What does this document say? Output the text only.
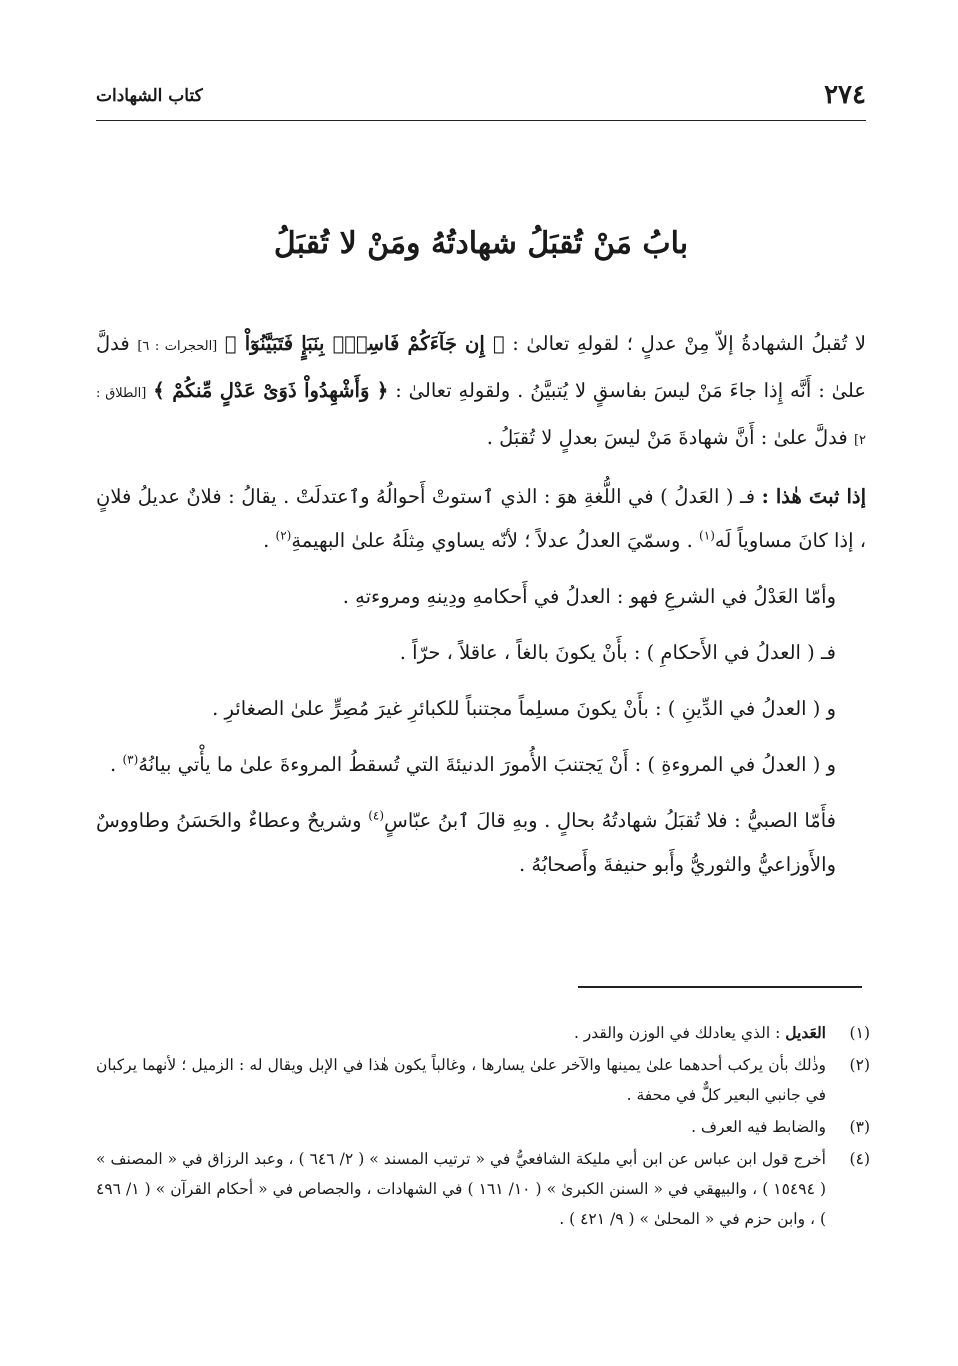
٢٧٤
كتاب الشهادات
بابُ مَنْ تُقبَلُ شهادتُهُ ومَنْ لا تُقبَلُ

لا تُقبلُ الشهادةُ إلاّ مِنْ عدلٍ ؛ لقولهِ تعالىٰ : ﴿ إِن جَآءَكُمْ فَاسِقٌۢ بِنَبَإٍ فَتَبَيَّنُوٓاْ ﴾ [الحجرات : ٦] فدلَّ علىٰ : أَنَّه إِذا جاءَ مَنْ ليسَ بفاسقٍ لا يُتبيَّنُ . ولقولهِ تعالىٰ : ﴿ وَأَشْهِدُواْ ذَوَىْ عَدْلٍ مِّنكُمْ ﴾ [الطلاق : ٢] فدلَّ علىٰ : أَنَّ شهادةَ مَنْ ليسَ بعدلٍ لا تُقبَلُ .

إذا ثبتَ هٰذا : فـ ( العَدلُ ) في اللُّغةِ هوَ : الذي ٱستوتْ أَحوالُهُ وٱعتدلَتْ . يقالُ : فلانٌ عديلُ فلانٍ ، إذا كانَ مساوياً لَه$^{(١)}$ . وسمّيَ العدلُ عدلاً ؛ لأنّه يساوي مِثلَهُ علىٰ البهيمةِ$^{(٢)}$ .

وأمّا العَدْلُ في الشرعِ فهو : العدلُ في أَحكامهِ ودِينهِ ومروءتهِ .

فـ ( العدلُ في الأَحكامِ ) : بأَنْ يكونَ بالغاً ، عاقلاً ، حرّاً .

و ( العدلُ في الدِّينِ ) : بأَنْ يكونَ مسلِماً مجتنباً للكبائرِ غيرَ مُصِرٍّ علىٰ الصغائرِ .

و ( العدلُ في المروءةِ ) : أَنْ يَجتنبَ الأُمورَ الدنيئةَ التي تُسقطُ المروءةَ علىٰ ما يأْتي بيانُهُ$^{(٣)}$ .

فأَمّا الصبيُّ : فلا تُقبَلُ شهادتُهُ بحالٍ . وبهِ قالَ ٱبنُ عبّاسٍ$^{(٤)}$ وشريحٌ وعطاءٌ والحَسَنُ وطاووسٌ والأَوزاعيُّ والثوريُّ وأَبو حنيفةَ وأَصحابُهُ .

(١)
العَديل : الذي يعادلك في الوزن والقدر .
(٢)
وذٰلك بأن يركب أحدهما علىٰ يمينها والآخر علىٰ يسارها ، وغالباً يكون هٰذا في الإبل ويقال له : الزميل ؛ لأنهما يركبان في جانبي البعير كلٌّ في محفة .
(٣)
والضابط فيه العرف .
(٤)
أخرج قول ابن عباس عن ابن أبي مليكة الشافعيُّ في « ترتيب المسند » ( ٢/ ٦٤٦ ) ، وعبد الرزاق في « المصنف » ( ١٥٤٩٤ ) ، والبيهقي في « السنن الكبرىٰ » ( ١٠/ ١٦١ ) في الشهادات ، والجصاص في « أحكام القرآن » ( ١/ ٤٩٦ ) ، وابن حزم في « المحلىٰ » ( ٩/ ٤٢١ ) .
